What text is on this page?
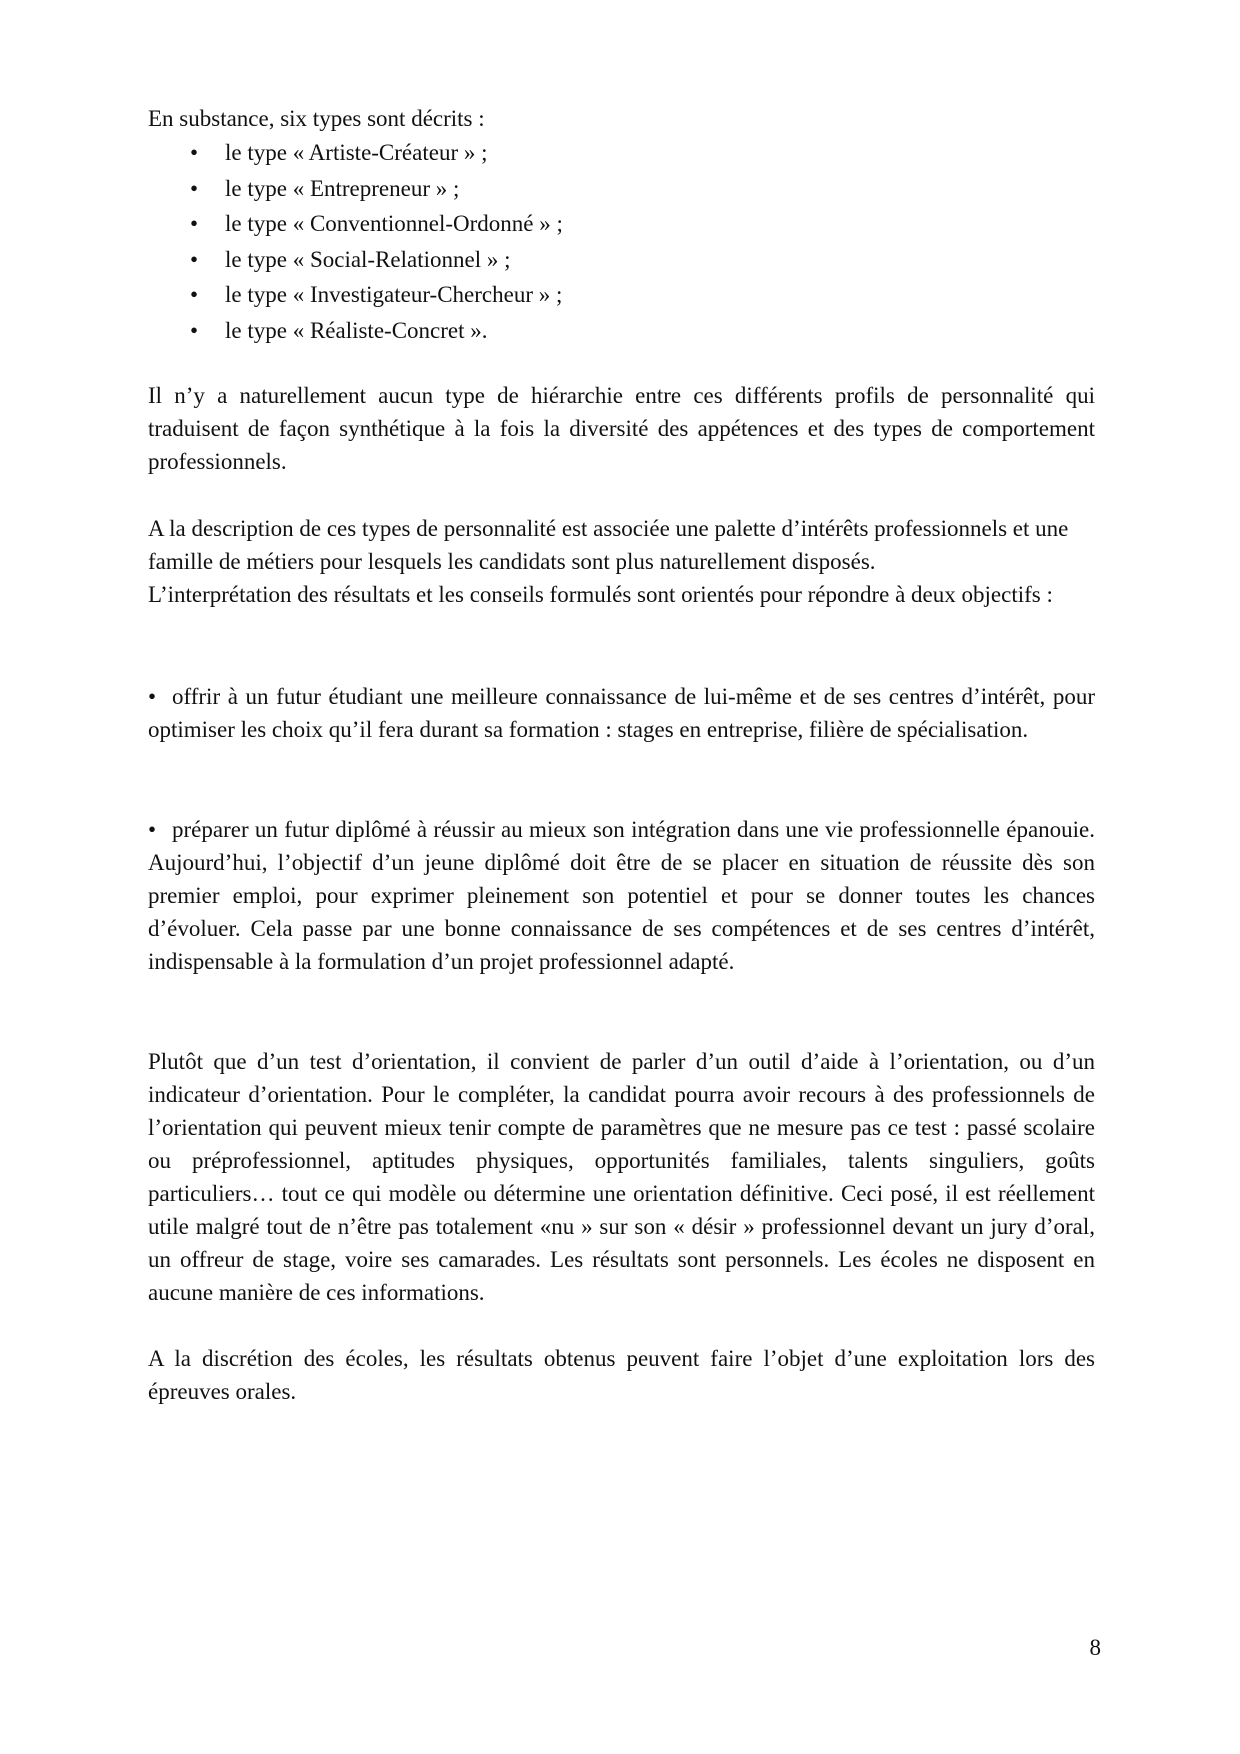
En substance, six types sont décrits :

• le type « Artiste-Créateur » ;
• le type « Entrepreneur » ;
• le type « Conventionnel-Ordonné » ;
• le type « Social-Relationnel » ;
• le type « Investigateur-Chercheur » ;
• le type « Réaliste-Concret ».

Il n’y a naturellement aucun type de hiérarchie entre ces différents profils de personnalité qui traduisent de façon synthétique à la fois la diversité des appétences et des types de comportement professionnels.

A la description de ces types de personnalité est associée une palette d’intérêts professionnels et une famille de métiers pour lesquels les candidats sont plus naturellement disposés.
L’interprétation des résultats et les conseils formulés sont orientés pour répondre à deux objectifs :

• offrir à un futur étudiant une meilleure connaissance de lui-même et de ses centres d’intérêt, pour optimiser les choix qu’il fera durant sa formation : stages en entreprise, filière de spécialisation.

• préparer un futur diplômé à réussir au mieux son intégration dans une vie professionnelle épanouie. Aujourd’hui, l’objectif d’un jeune diplômé doit être de se placer en situation de réussite dès son premier emploi, pour exprimer pleinement son potentiel et pour se donner toutes les chances d’évoluer. Cela passe par une bonne connaissance de ses compétences et de ses centres d’intérêt, indispensable à la formulation d’un projet professionnel adapté.

Plutôt que d’un test d’orientation, il convient de parler d’un outil d’aide à l’orientation, ou d’un indicateur d’orientation. Pour le compléter, la candidat pourra avoir recours à des professionnels de l’orientation qui peuvent mieux tenir compte de paramètres que ne mesure pas ce test : passé scolaire ou préprofessionnel, aptitudes physiques, opportunités familiales, talents singuliers, goûts particuliers… tout ce qui modèle ou détermine une orientation définitive. Ceci posé, il est réellement utile malgré tout de n’être pas totalement «nu » sur son « désir » professionnel devant un jury d’oral, un offreur de stage, voire ses camarades. Les résultats sont personnels. Les écoles ne disposent en aucune manière de ces informations.

A la discrétion des écoles, les résultats obtenus peuvent faire l’objet d’une exploitation lors des épreuves orales.

8
